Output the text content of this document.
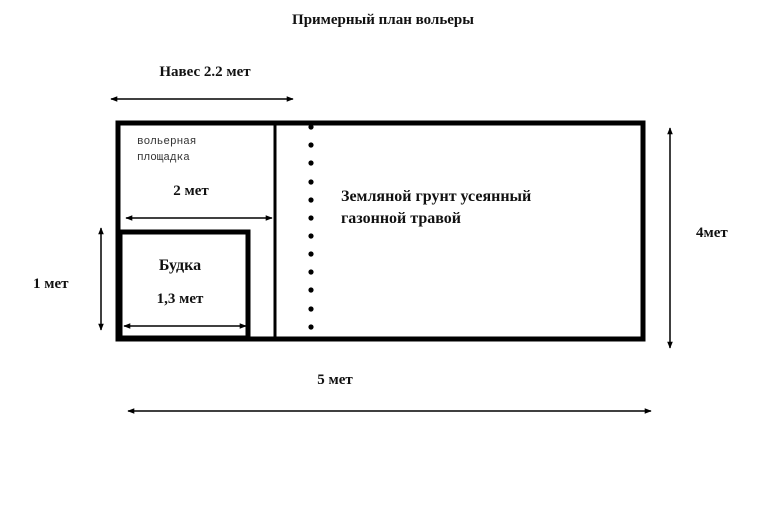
Примерный план вольеры
Навес 2.2 мет
вольерная
площадка
2 мет
Будка
1,3 мет
1 мет
Земляной грунт усеянный
газонной травой
4мет
5 мет
